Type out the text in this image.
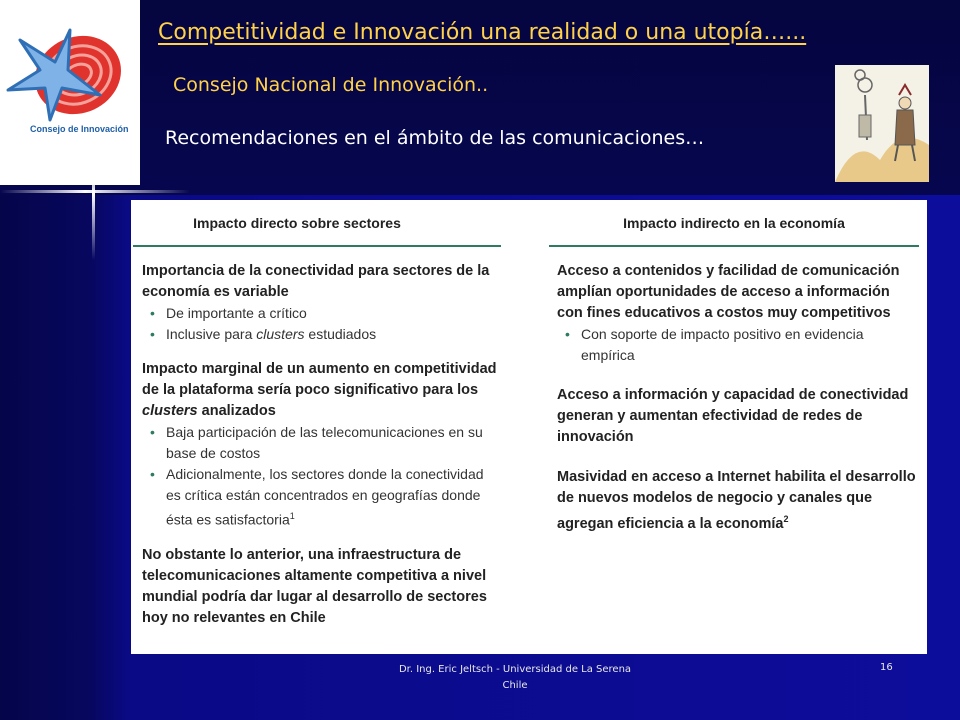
Consejo de Innovación
Competitividad e Innovación una realidad o una utopía…...
Consejo Nacional de Innovación..
Recomendaciones en el ámbito de las comunicaciones…
Impacto directo sobre sectores
Importancia de la conectividad para sectores de la economía es variable
• De importante a crítico
• Inclusive para clusters estudiados
Impacto marginal de un aumento en competitividad de la plataforma sería poco significativo para los clusters analizados
• Baja participación de las telecomunicaciones en su base de costos
• Adicionalmente, los sectores donde la conectividad es crítica están concentrados en geografías donde ésta es satisfactoria$^1$
No obstante lo anterior, una infraestructura de telecomunicaciones altamente competitiva a nivel mundial podría dar lugar al desarrollo de sectores hoy no relevantes en Chile
Impacto indirecto en la economía
Acceso a contenidos y facilidad de comunicación amplían oportunidades de acceso a información con fines educativos a costos muy competitivos
• Con soporte de impacto positivo en evidencia empírica
Acceso a información y capacidad de conectividad generan y aumentan efectividad de redes de innovación
Masividad en acceso a Internet habilita el desarrollo de nuevos modelos de negocio y canales que agregan eficiencia a la economía$^2$
Dr. Ing. Eric Jeltsch - Universidad de La Serena
Chile
16
